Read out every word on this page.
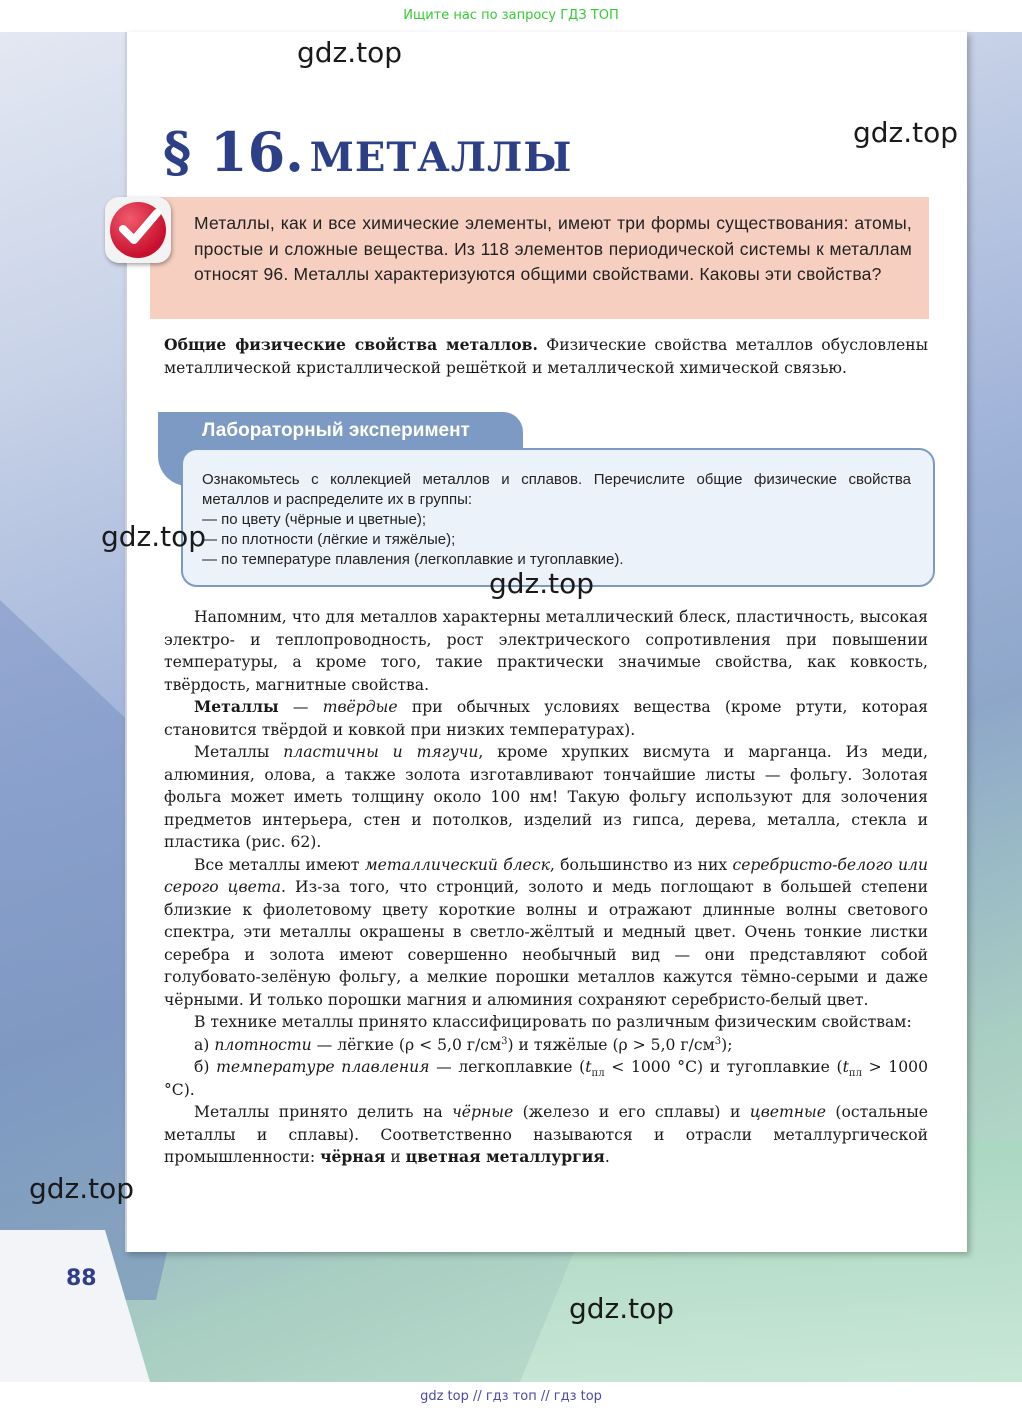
Ищите нас по запросу ГДЗ ТОП
§ 16. МЕТАЛЛЫ
Металлы, как и все химические элементы, имеют три формы существования: атомы, простые и сложные вещества. Из 118 элементов периодической системы к металлам относят 96. Металлы характеризуются общими свойствами. Каковы эти свойства?
Общие физические свойства металлов. Физические свойства металлов обусловлены металлической кристаллической решёткой и металлической химической связью.
Лабораторный эксперимент
Ознакомьтесь с коллекцией металлов и сплавов. Перечислите общие физические свойства металлов и распределите их в группы:
— по цвету (чёрные и цветные);
— по плотности (лёгкие и тяжёлые);
— по температуре плавления (легкоплавкие и тугоплавкие).

Напомним, что для металлов характерны металлический блеск, пластичность, высокая электро- и теплопроводность, рост электрического сопротивления при повышении температуры, а кроме того, такие практически значимые свойства, как ковкость, твёрдость, магнитные свойства.

Металлы — твёрдые при обычных условиях вещества (кроме ртути, которая становится твёрдой и ковкой при низких температурах).

Металлы пластичны и тягучи, кроме хрупких висмута и марганца. Из меди, алюминия, олова, а также золота изготавливают тончайшие листы — фольгу. Золотая фольга может иметь толщину около 100 нм! Такую фольгу используют для золочения предметов интерьера, стен и потолков, изделий из гипса, дерева, металла, стекла и пластика (рис. 62).

Все металлы имеют металлический блеск, большинство из них серебристо-белого или серого цвета. Из-за того, что стронций, золото и медь поглощают в большей степени близкие к фиолетовому цвету короткие волны и отражают длинные волны светового спектра, эти металлы окрашены в светло-жёлтый и медный цвет. Очень тонкие листки серебра и золота имеют совершенно необычный вид — они представляют собой голубовато-зелёную фольгу, а мелкие порошки металлов кажутся тёмно-серыми и даже чёрными. И только порошки магния и алюминия сохраняют серебристо-белый цвет.

В технике металлы принято классифицировать по различным физическим свойствам:

а) плотности — лёгкие (ρ < 5,0 $г/см^3$) и тяжёлые (ρ > 5,0 $г/см^3$);

б) температуре плавления — легкоплавкие ($t_{пл} < 1000$ °С) и тугоплавкие ($t_{пл} > 1000$ °С).

Металлы принято делить на чёрные (железо и его сплавы) и цветные (остальные металлы и сплавы). Соответственно называются и отрасли металлургической промышленности: чёрная и цветная металлургия.

88
gdz.top
gdz.top
gdz.top
gdz.top
gdz.top
gdz.top
gdz top // гдз топ // гдз top
